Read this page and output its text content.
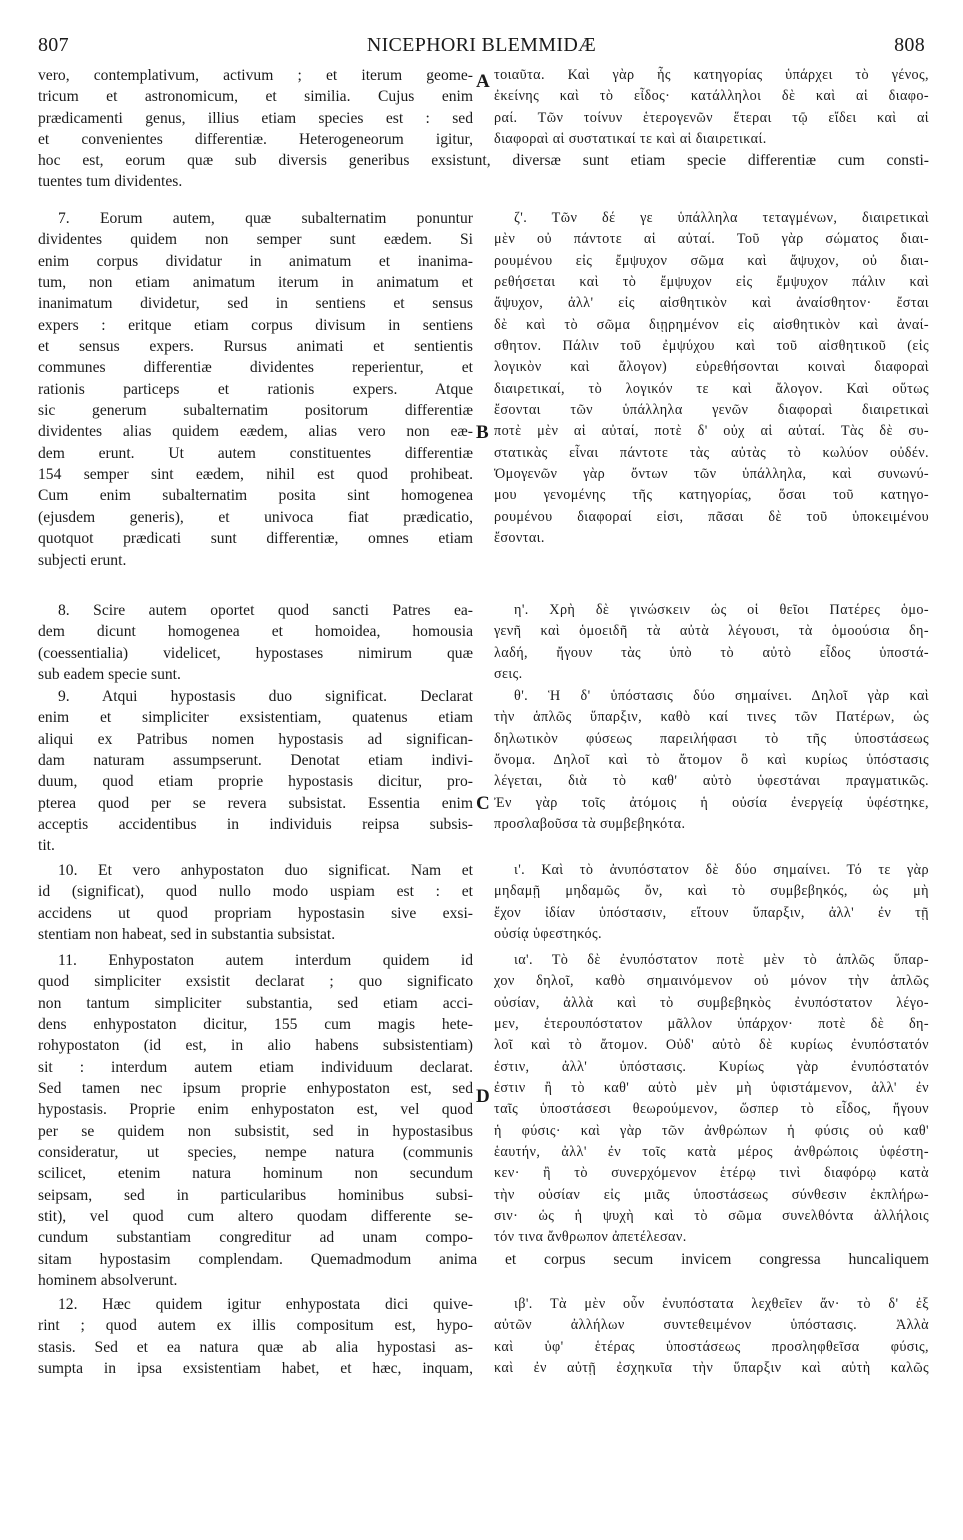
807	NICEPHORI BLEMMIDÆ	808
A
B
C
D
vero, contemplativum, activum ; et iterum geome-
tricum et astronomicum, et similia. Cujus enim
prædicamenti genus, illius etiam species est : sed
et convenientes differentiæ. Heterogeneorum igitur,
τοιαῦτα. Καὶ γὰρ ἧς κατηγορίας ὑπάρχει τὸ γένος,
ἐκείνης καὶ τὸ εἶδος· κατάλληλοι δὲ καὶ αἱ διαφο-
ραί. Τῶν τοίνυν ἑτερογενῶν ἕτεραι τῷ εἴδει καὶ αἱ
διαφοραὶ αἱ συστατικαί τε καὶ αἱ διαιρετικαί.
hoc est, eorum quæ sub diversis generibus exsistunt, diversæ sunt etiam specie differentiæ cum consti-
tuentes tum dividentes.
7. Eorum autem, quæ subalternatim ponuntur
dividentes quidem non semper sunt eædem. Si
enim corpus dividatur in animatum et inanima-
tum, non etiam animatum iterum in animatum et
inanimatum dividetur, sed in sentiens et sensus
expers : eritque etiam corpus divisum in sentiens
et sensus expers. Rursus animati et sentientis
communes differentiæ dividentes reperientur, et
rationis particeps et rationis expers. Atque
sic generum subalternatim positorum differentiæ
dividentes alias quidem eædem, alias vero non eæ-
dem erunt. Ut autem constituentes differentiæ
154 semper sint eædem, nihil est quod prohibeat.
Cum enim subalternatim posita sint homogenea
(ejusdem generis), et univoca fiat prædicatio,
quotquot prædicati sunt differentiæ, omnes etiam
subjecti erunt.
ζ'. Τῶν δέ γε ὑπάλληλα τεταγμένων, διαιρετικαὶ
μὲν οὐ πάντοτε αἱ αὐταί. Τοῦ γὰρ σώματος διαι-
ρουμένου εἰς ἔμψυχον σῶμα καὶ ἄψυχον, οὐ διαι-
ρεθήσεται καὶ τὸ ἔμψυχον εἰς ἔμψυχον πάλιν καὶ
ἄψυχον, ἀλλ' εἰς αἰσθητικὸν καὶ ἀναίσθητον· ἔσται
δὲ καὶ τὸ σῶμα διῃρημένον εἰς αἰσθητικὸν καὶ ἀναί-
σθητον. Πάλιν τοῦ ἐμψύχου καὶ τοῦ αἰσθητικοῦ (εἰς
λογικὸν καὶ ἄλογον) εὑρεθήσονται κοιναὶ διαφοραὶ
διαιρετικαί, τὸ λογικόν τε καὶ ἄλογον. Καὶ οὕτως
ἔσονται τῶν ὑπάλληλα γενῶν διαφοραὶ διαιρετικαὶ
ποτὲ μὲν αἱ αὐταί, ποτὲ δ' οὐχ αἱ αὐταί. Τὰς δὲ συ-
στατικὰς εἶναι πάντοτε τὰς αὐτὰς τὸ κωλύον οὐδέν.
Ὁμογενῶν γὰρ ὄντων τῶν ὑπάλληλα, καὶ συνωνύ-
μου γενομένης τῆς κατηγορίας, ὅσαι τοῦ κατηγο-
ρουμένου διαφοραί εἰσι, πᾶσαι δὲ τοῦ ὑποκειμένου
ἔσονται.
8. Scire autem oportet quod sancti Patres ea-
dem dicunt homogenea et homoidea, homousia
(coessentialia) videlicet, hypostases nimirum quæ
sub eadem specie sunt.
η'. Χρὴ δὲ γινώσκειν ὡς οἱ θεῖοι Πατέρες ὁμο-
γενῆ καὶ ὁμοειδῆ τὰ αὐτὰ λέγουσι, τὰ ὁμοούσια δη-
λαδή, ἤγουν τὰς ὑπὸ τὸ αὐτὸ εἶδος ὑποστά-
σεις.
9. Atqui hypostasis duo significat. Declarat
enim et simpliciter exsistentiam, quatenus etiam
aliqui ex Patribus nomen hypostasis ad significan-
dam naturam assumpserunt. Denotat etiam indivi-
duum, quod etiam proprie hypostasis dicitur, pro-
pterea quod per se revera subsistat. Essentia enim
acceptis accidentibus in individuis reipsa subsis-
tit.
θ'. Ἡ δ' ὑπόστασις δύο σημαίνει. Δηλοῖ γὰρ καὶ
τὴν ἁπλῶς ὕπαρξιν, καθὸ καί τινες τῶν Πατέρων, ὡς
δηλωτικὸν φύσεως παρειλήφασι τὸ τῆς ὑποστάσεως
ὄνομα. Δηλοῖ καὶ τὸ ἄτομον ὃ καὶ κυρίως ὑπόστασις
λέγεται, διὰ τὸ καθ' αὑτὸ ὑφεστάναι πραγματικῶς.
Ἐν γὰρ τοῖς ἀτόμοις ἡ οὐσία ἐνεργείᾳ ὑφέστηκε,
προσλαβοῦσα τὰ συμβεβηκότα.
10. Et vero anhypostaton duo significat. Nam et
id (significat), quod nullo modo uspiam est : et
accidens ut quod propriam hypostasin sive exsi-
stentiam non habeat, sed in substantia subsistat.
ι'. Καὶ τὸ ἀνυπόστατον δὲ δύο σημαίνει. Τό τε γὰρ
μηδαμῇ μηδαμῶς ὄν, καὶ τὸ συμβεβηκός, ὡς μὴ
ἔχον ἰδίαν ὑπόστασιν, εἴτουν ὕπαρξιν, ἀλλ' ἐν τῇ
οὐσίᾳ ὑφεστηκός.
11. Enhypostaton autem interdum quidem id
quod simpliciter exsistit declarat ; quo significato
non tantum simpliciter substantia, sed etiam acci-
dens enhypostaton dicitur, 155 cum magis hete-
rohypostaton (id est, in alio habens subsistentiam)
sit : interdum autem etiam individuum declarat.
Sed tamen nec ipsum proprie enhypostaton est, sed
hypostasis. Proprie enim enhypostaton est, vel quod
per se quidem non subsistit, sed in hypostasibus
consideratur, ut species, nempe natura (communis
scilicet, etenim natura hominum non secundum
seipsam, sed in particularibus hominibus subsi-
stit), vel quod cum altero quodam differente se-
cundum substantiam congreditur ad unam compo-
ια'. Τὸ δὲ ἐνυπόστατον ποτὲ μὲν τὸ ἁπλῶς ὕπαρ-
χον δηλοῖ, καθὸ σημαινόμενον οὐ μόνον τὴν ἁπλῶς
οὐσίαν, ἀλλὰ καὶ τὸ συμβεβηκὸς ἐνυπόστατον λέγο-
μεν, ἑτερουπόστατον μᾶλλον ὑπάρχον· ποτὲ δὲ δη-
λοῖ καὶ τὸ ἄτομον. Οὐδ' αὐτὸ δὲ κυρίως ἐνυπόστατόν
ἐστιν, ἀλλ' ὑπόστασις. Κυρίως γὰρ ἐνυπόστατόν
ἐστιν ἢ τὸ καθ' αὑτὸ μὲν μὴ ὑφιστάμενον, ἀλλ' ἐν
ταῖς ὑποστάσεσι θεωρούμενον, ὥσπερ τὸ εἶδος, ἤγουν
ἡ φύσις· καὶ γὰρ τῶν ἀνθρώπων ἡ φύσις οὐ καθ'
ἑαυτήν, ἀλλ' ἐν τοῖς κατὰ μέρος ἀνθρώποις ὑφέστη-
κεν· ἢ τὸ συνερχόμενον ἑτέρῳ τινὶ διαφόρῳ κατὰ
τὴν οὐσίαν εἰς μιᾶς ὑποστάσεως σύνθεσιν ἐκπλήρω-
σιν· ὡς ἡ ψυχὴ καὶ τὸ σῶμα συνελθόντα ἀλλήλοις
τόν τινα ἄνθρωπον ἀπετέλεσαν.
sitam hypostasim complendam. Quemadmodum anima et corpus secum invicem congressa huncaliquem
hominem absolverunt.
12. Hæc quidem igitur enhypostata dici quive-
rint ; quod autem ex illis compositum est, hypo-
stasis. Sed et ea natura quæ ab alia hypostasi as-
sumpta in ipsa exsistentiam habet, et hæc, inquam,
ιβ'. Τὰ μὲν οὖν ἐνυπόστατα λεχθεῖεν ἄν· τὸ δ' ἐξ
αὐτῶν ἀλλήλων συντεθειμένον ὑπόστασις. Ἀλλὰ
καὶ ὑφ' ἑτέρας ὑποστάσεως προσληφθεῖσα φύσις,
καὶ ἐν αὐτῇ ἐσχηκυῖα τὴν ὕπαρξιν καὶ αὐτὴ καλῶς
